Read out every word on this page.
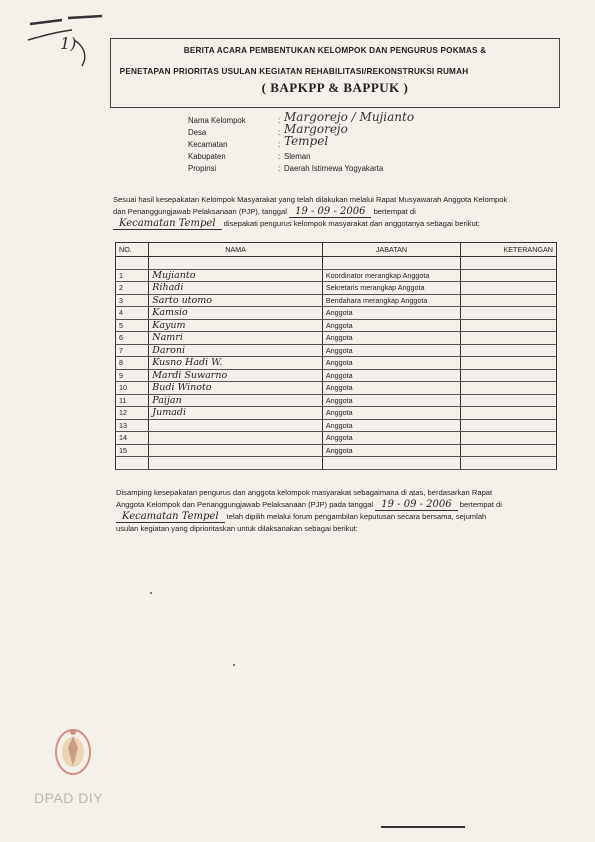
1)	BERITA ACARA PEMBENTUKAN KELOMPOK DAN PENGURUS POKMAS &
PENETAPAN PRIORITAS USULAN KEGIATAN REHABILITASI/REKONSTRUKSI RUMAH
( BAPKPP & BAPPUK )
Nama Kelompok	: Margorejo / Mujianto
Desa	: Margorejo
Kecamatan	: Tempel
Kabupaten	: Sleman
Propinsi	: Daerah Istimewa Yogyakarta
Sesuai hasil kesepakatan Kelompok Masyarakat yang telah dilakukan melalui Rapat Musyawarah Anggota Kelompok
dan Penanggungjawab Pelaksanaan (PJP), tanggal 19 - 09 - 2006 bertempat di
Kecamatan Tempel disepakati pengurus kelompok masyarakat dan anggotanya sebagai berikut:
NO.	NAMA	JABATAN	KETERANGAN

1	Mujianto	Koordinator merangkap Anggota	
2	Rihadi	Sekretaris merangkap Anggota	
3	Sarto utomo	Bendahara merangkap Anggota	
4	Kamsio	Anggota	
5	Kayum	Anggota	
6	Namri	Anggota	
7	Daroni	Anggota	
8	Kusno Hadi W.	Anggota	
9	Mardi Suwarno	Anggota	
10	Budi Winoto	Anggota	
11	Paijan	Anggota	
12	Jumadi	Anggota	
13		Anggota	
14		Anggota	
15		Anggota	

Disamping kesepakatan pengurus dan anggota kelompok masyarakat sebagaimana di atas, berdasarkan Rapat
Anggota Kelompok dan Penanggungjawab Pelaksanaan (PJP) pada tanggal 19 - 09 - 2006 bertempat di
Kecamatan Tempel telah dipilih melalui forum pengambilan keputusan secara bersama, sejumlah
usulan kegiatan yang diprioritaskan untuk dilaksanakan sebagai berikut:
DPAD DIY
